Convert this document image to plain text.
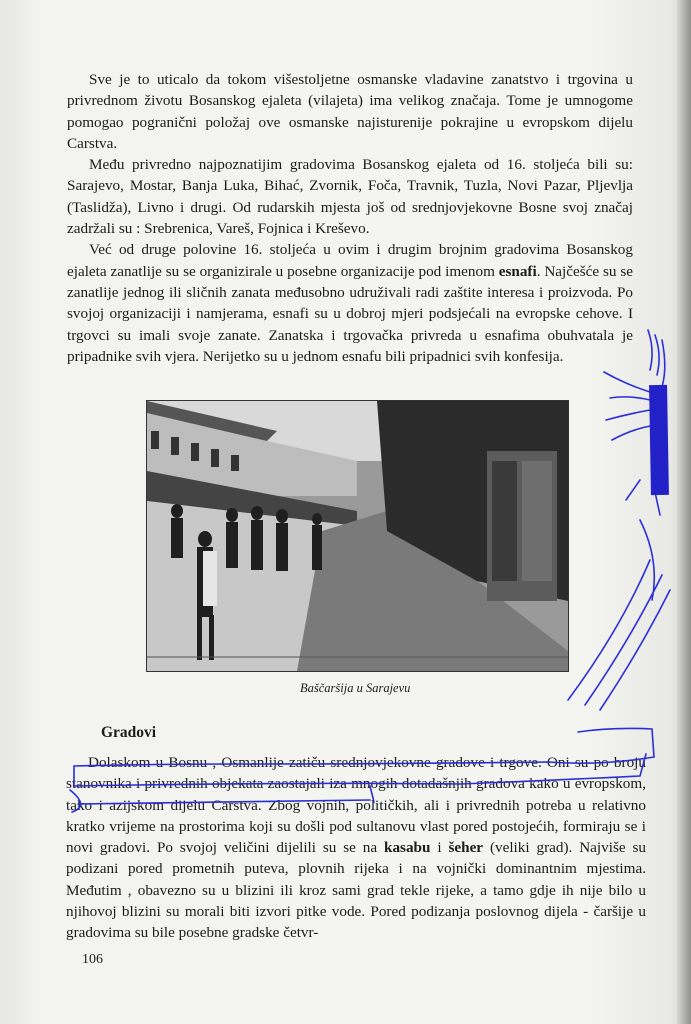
Sve je to uticalo da tokom višestoljetne osmanske vladavine zanatstvo i trgovina u privrednom životu Bosanskog ejaleta (vilajeta) ima velikog značaja. Tome je umnogome pomogao pogranični položaj ove osmanske najisturenije pokrajine u evropskom dijelu Carstva.

Među privredno najpoznatijim gradovima Bosanskog ejaleta od 16. stoljeća bili su: Sarajevo, Mostar, Banja Luka, Bihać, Zvornik, Foča, Travnik, Tuzla, Novi Pazar, Pljevlja (Taslidža), Livno i drugi. Od rudarskih mjesta još od srednjovjekovne Bosne svoj značaj zadržali su : Srebrenica, Vareš, Fojnica i Kreševo.

Već od druge polovine 16. stoljeća u ovim i drugim brojnim gradovima Bosanskog ejaleta zanatlije su se organizirale u posebne organizacije pod imenom esnafi. Najčešće su se zanatlije jednog ili sličnih zanata međusobno udruživali radi zaštite interesa i proizvoda. Po svojoj organizaciji i namjerama, esnafi su u dobroj mjeri podsjećali na evropske cehove. I trgovci su imali svoje zanate. Zanatska i trgovačka privreda u esnafima obuhvatala je pripadnike svih vjera. Nerijetko su u jednom esnafu bili pripadnici svih konfesija.

Baščaršija u Sarajevu
Gradovi

Dolaskom u Bosnu , Osmanlije zatiču srednjovjekovne gradove i trgove. Oni su po broju stanovnika i privrednih objekata zaostajali iza mnogih dotadašnjih gradova kako u evropskom, tako i azijskom dijelu Carstva. Zbog vojnih, političkih, ali i privrednih potreba u relativno kratko vrijeme na prostorima koji su došli pod sultanovu vlast pored postojećih, formiraju se i novi gradovi. Po svojoj veličini dijelili su se na kasabu i šeher (veliki grad). Najviše su podizani pored prometnih puteva, plovnih rijeka i na vojnički dominantnim mjestima. Međutim , obavezno su u blizini ili kroz sami grad tekle rijeke, a tamo gdje ih nije bilo u njihovoj blizini su morali biti izvori pitke vode. Pored podizanja poslovnog dijela - čaršije u gradovima su bile posebne gradske četvr-

106
